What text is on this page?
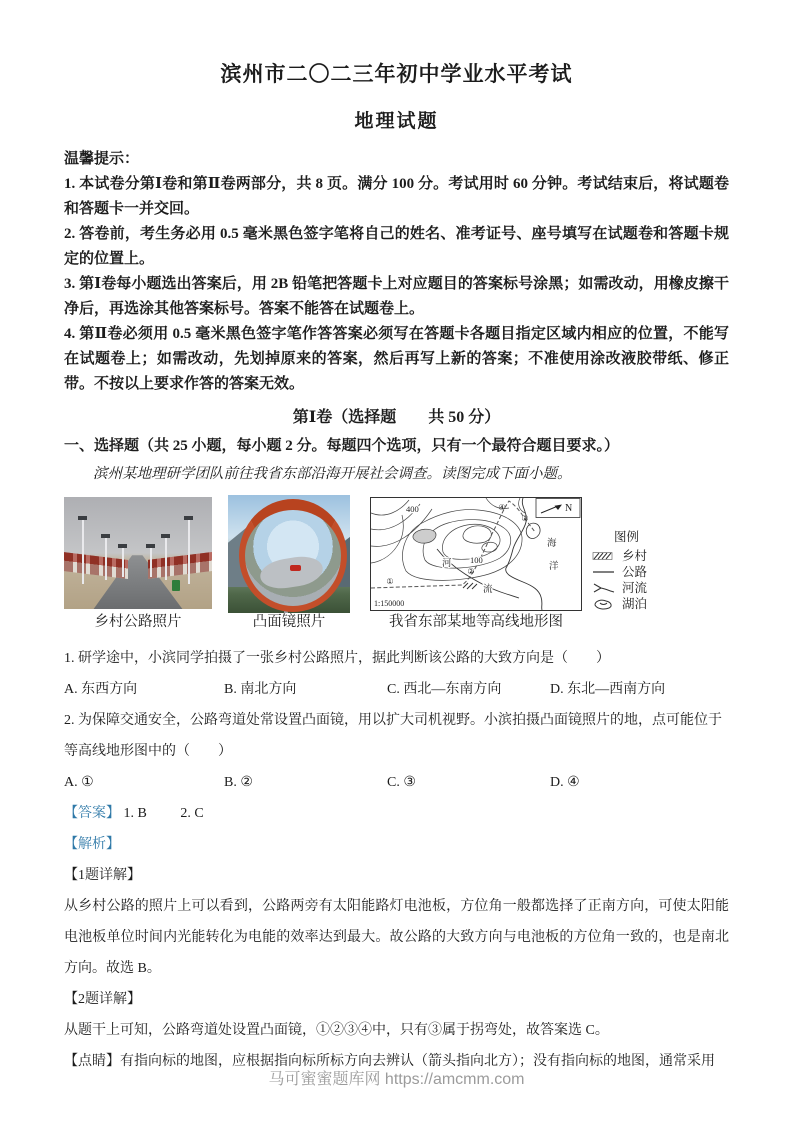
滨州市二〇二三年初中学业水平考试
地理试题

温馨提示：

1. 本试卷分第Ⅰ卷和第Ⅱ卷两部分，共 8 页。满分 100 分。考试用时 60 分钟。考试结束后，将试题卷和答题卡一并交回。

2. 答卷前，考生务必用 0.5 毫米黑色签字笔将自己的姓名、准考证号、座号填写在试题卷和答题卡规定的位置上。

3. 第Ⅰ卷每小题选出答案后，用 2B 铅笔把答题卡上对应题目的答案标号涂黑；如需改动，用橡皮擦干净后，再选涂其他答案标号。答案不能答在试题卷上。

4. 第Ⅱ卷必须用 0.5 毫米黑色签字笔作答答案必须写在答题卡各题目指定区域内相应的位置，不能写在试题卷上；如需改动，先划掉原来的答案，然后再写上新的答案；不准使用涂改液胶带纸、修正带。不按以上要求作答的答案无效。

第Ⅰ卷（选择题　　共 50 分）

一、选择题（共 25 小题，每小题 2 分。每题四个选项，只有一个最符合题目要求。）

滨州某地理研学团队前往我省东部沿海开展社会调查。读图完成下面小题。

乡村公路照片	凸面镜照片
①
②
③
④
400
100
河
流
海
洋
1:150000
N
我省东部某地等高线地形图
图例
乡村
公路
河流
湖泊

1. 研学途中，小滨同学拍摄了一张乡村公路照片，据此判断该公路的大致方向是（　　）

A. 东西方向	B. 南北方向	C. 西北—东南方向	D. 东北—西南方向

2. 为保障交通安全，公路弯道处常设置凸面镜，用以扩大司机视野。小滨拍摄凸面镜照片的地，点可能位于等高线地形图中的（　　）

A. ①	B. ②	C. ③	D. ④

【答案】 1. B 2. C

【解析】

【1题详解】

从乡村公路的照片上可以看到，公路两旁有太阳能路灯电池板，方位角一般都选择了正南方向，可使太阳能电池板单位时间内光能转化为电能的效率达到最大。故公路的大致方向与电池板的方位角一致的，也是南北方向。故选 B。

【2题详解】

从题干上可知，公路弯道处设置凸面镜，①②③④中，只有③属于拐弯处，故答案选 C。

【点睛】有指向标的地图，应根据指向标所标方向去辨认（箭头指向北方）；没有指向标的地图，通常采用

马可蜜蜜题库网 https://amcmm.com
